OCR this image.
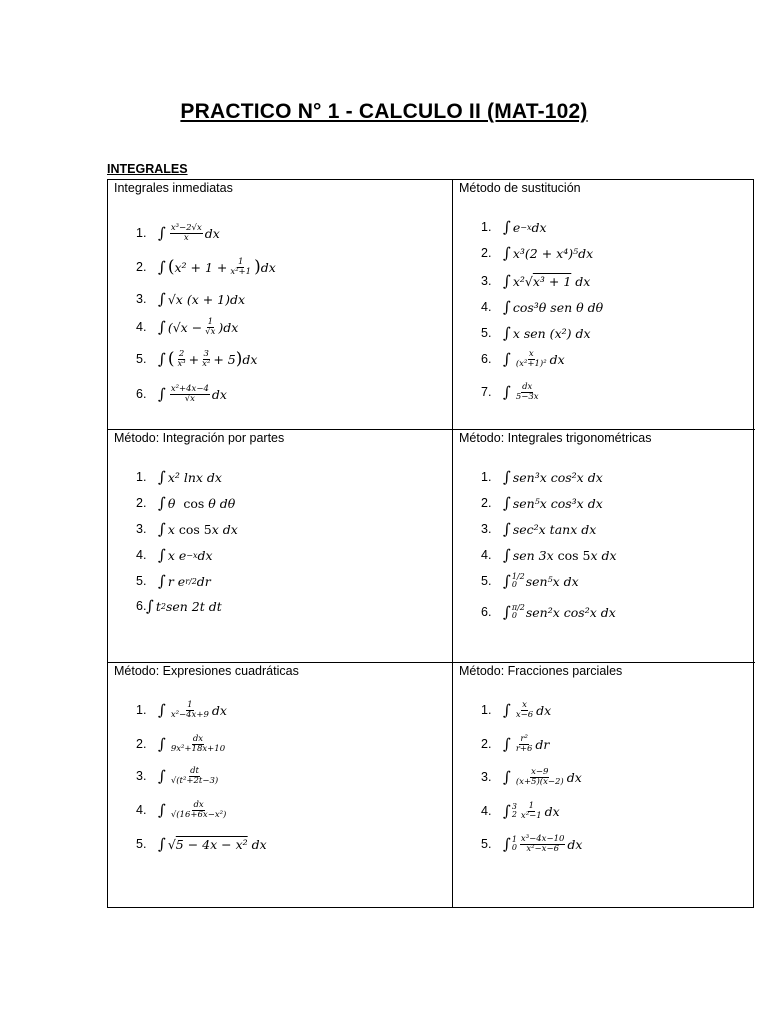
PRACTICO N° 1 - CALCULO II (MAT-102)
INTEGRALES
Integrales inmediatas
1. ∫ $\frac{\text{x³−2√x}}{x}$ dx
2. ∫ ( $x^2 + 1 + \frac{1}{\text{x²+1}}$ ) dx
3. ∫ √x (x + 1)dx
4. ∫ $(√x - \frac{1}{√x} )dx$
5. ∫ ( $\frac{2}{\text{x³}} + \frac{3}{\text{x²}} + 5$ ) dx
6. ∫ $\frac{\text{x²+4x−4}}{√x}$ dx
Método de sustitución
1. ∫ e −x dx
2. ∫ x³(2 + x⁴)⁵dx
3. ∫ x²√ x³ + 1 dx
4. ∫ cos³θ sen θ dθ
5. ∫ x sen (x²) dx
6. ∫ $\frac{x}{\text{(x²+1)²}}$ dx
7. ∫ $\frac{dx}{5-3x}$
Método: Integración por partes
1. ∫ x² lnx dx
2. ∫ θ cos θ dθ
3. ∫ x cos 5 x dx
4. ∫ x e −x dx
5. ∫ r e r/2 dr
6. ∫ t 2 sen 2t dt
Método: Integrales trigonométricas
1. ∫ sen³x cos²x dx
2. ∫ sen⁵x cos³x dx
3. ∫ sec²x tanx dx
4. ∫ sen 3x cos 5 x dx
5. ∫ 1/2
0 sen⁵x dx
6. ∫ π/2
0 sen²x cos²x dx
Método: Expresiones cuadráticas
1. ∫ $\frac{1}{\text{x²−4x+9}}$ dx
2. ∫ $\frac{dx}{\text{9x²+18x+10}}$
3. ∫ $\frac{dt}{\text{√(t²+2t−3)}}$
4. ∫ $\frac{dx}{\text{√(16+6x−x²)}}$
5. ∫ √ 5 − 4x − x² dx
Método: Fracciones parciales
1. ∫ $\frac{x}{x-6}$ dx
2. ∫ $\frac{\text{r²}}{r+6}$ dr
3. ∫ $\frac{x-9}{(x+5)(x-2)}$ dx
4. ∫ 3
$2 \frac{1}{\text{x²−1}}$ dx
5. ∫ 1
$0 \frac{\text{x³−4x−10}}{\text{x²−x−6}}$ dx
